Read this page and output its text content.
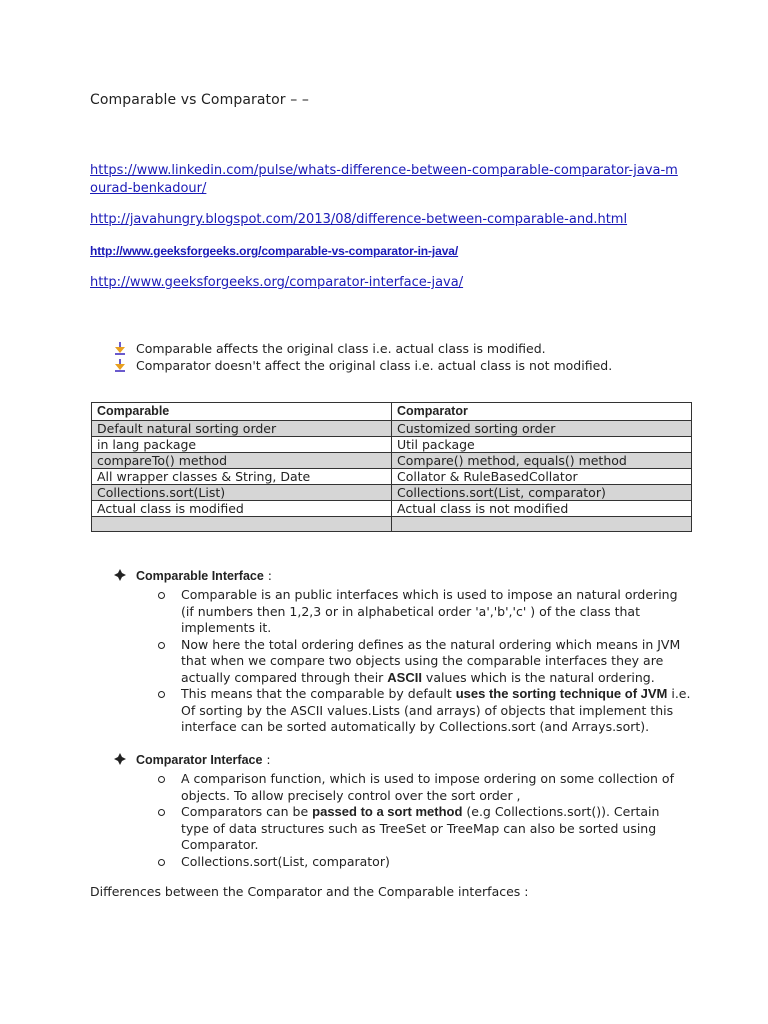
Comparable vs Comparator – –
https://www.linkedin.com/pulse/whats-difference-between-comparable-comparator-java-mourad-benkadour/
http://javahungry.blogspot.com/2013/08/difference-between-comparable-and.html
http://www.geeksforgeeks.org/comparable-vs-comparator-in-java/
http://www.geeksforgeeks.org/comparator-interface-java/
Comparable affects the original class i.e. actual class is modified.
Comparator doesn't affect the original class i.e. actual class is not modified.
Comparable	Comparator
Default natural sorting order	Customized sorting order
in lang package	Util package
compareTo() method	Compare() method, equals() method
All wrapper classes & String, Date	Collator & RuleBasedCollator
Collections.sort(List)	Collections.sort(List, comparator)
Actual class is modified	Actual class is not modified

Comparable Interface :
Comparable is an public interfaces which is used to impose an natural ordering (if numbers then 1,2,3 or in alphabetical order 'a','b','c' ) of the class that implements it.
Now here the total ordering defines as the natural ordering which means in JVM that when we compare two objects using the comparable interfaces they are actually compared through their ASCII values which is the natural ordering.
This means that the comparable by default uses the sorting technique of JVM i.e. Of sorting by the ASCII values.Lists (and arrays) of objects that implement this interface can be sorted automatically by Collections.sort (and Arrays.sort).
Comparator Interface :
A comparison function, which is used to impose ordering on some collection of objects. To allow precisely control over the sort order ,
Comparators can be passed to a sort method (e.g Collections.sort()). Certain type of data structures such as TreeSet or TreeMap can also be sorted using Comparator.
Collections.sort(List, comparator)
Differences between the Comparator and the Comparable interfaces :
